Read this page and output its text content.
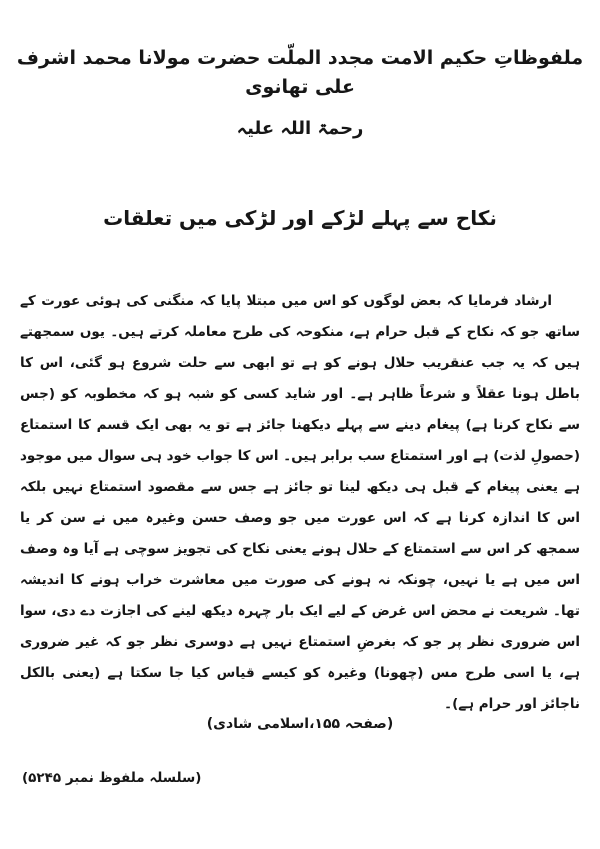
ملفوظاتِ حکیم الامت مجدد الملّت حضرت مولانا محمد اشرف علی تھانوی
رحمۃ اللہ علیہ
نکاح سے پہلے لڑکے اور لڑکی میں تعلقات
ارشاد فرمایا کہ بعض لوگوں کو اس میں مبتلا پایا کہ منگنی کی ہوئی عورت کے ساتھ جو کہ نکاح کے قبل حرام ہے، منکوحہ کی طرح معاملہ کرتے ہیں۔ یوں سمجھتے ہیں کہ یہ جب عنقریب حلال ہونے کو ہے تو ابھی سے حلت شروع ہو گئی، اس کا باطل ہونا عقلاً و شرعاً ظاہر ہے۔ اور شاید کسی کو شبہ ہو کہ مخطوبہ کو (جس سے نکاح کرنا ہے) پیغام دینے سے پہلے دیکھنا جائز ہے تو یہ بھی ایک قسم کا استمتاع (حصولِ لذت) ہے اور استمتاع سب برابر ہیں۔ اس کا جواب خود ہی سوال میں موجود ہے یعنی پیغام کے قبل ہی دیکھ لینا تو جائز ہے جس سے مقصود استمتاع نہیں بلکہ اس کا اندازہ کرنا ہے کہ اس عورت میں جو وصف حسن وغیرہ میں نے سن کر یا سمجھ کر اس سے استمتاع کے حلال ہونے یعنی نکاح کی تجویز سوچی ہے آیا وہ وصف اس میں ہے یا نہیں، چونکہ نہ ہونے کی صورت میں معاشرت خراب ہونے کا اندیشہ تھا۔ شریعت نے محض اس غرض کے لیے ایک بار چہرہ دیکھ لینے کی اجازت دے دی، سوا اس ضروری نظر پر جو کہ بغرضِ استمتاع نہیں ہے دوسری نظر جو کہ غیر ضروری ہے، یا اسی طرح مس (چھونا) وغیرہ کو کیسے قیاس کیا جا سکتا ہے (یعنی بالکل ناجائز اور حرام ہے)۔
(صفحہ ۱۵۵،اسلامی شادی)
(سلسلہ ملفوظ نمبر ۵۲۴۵)
